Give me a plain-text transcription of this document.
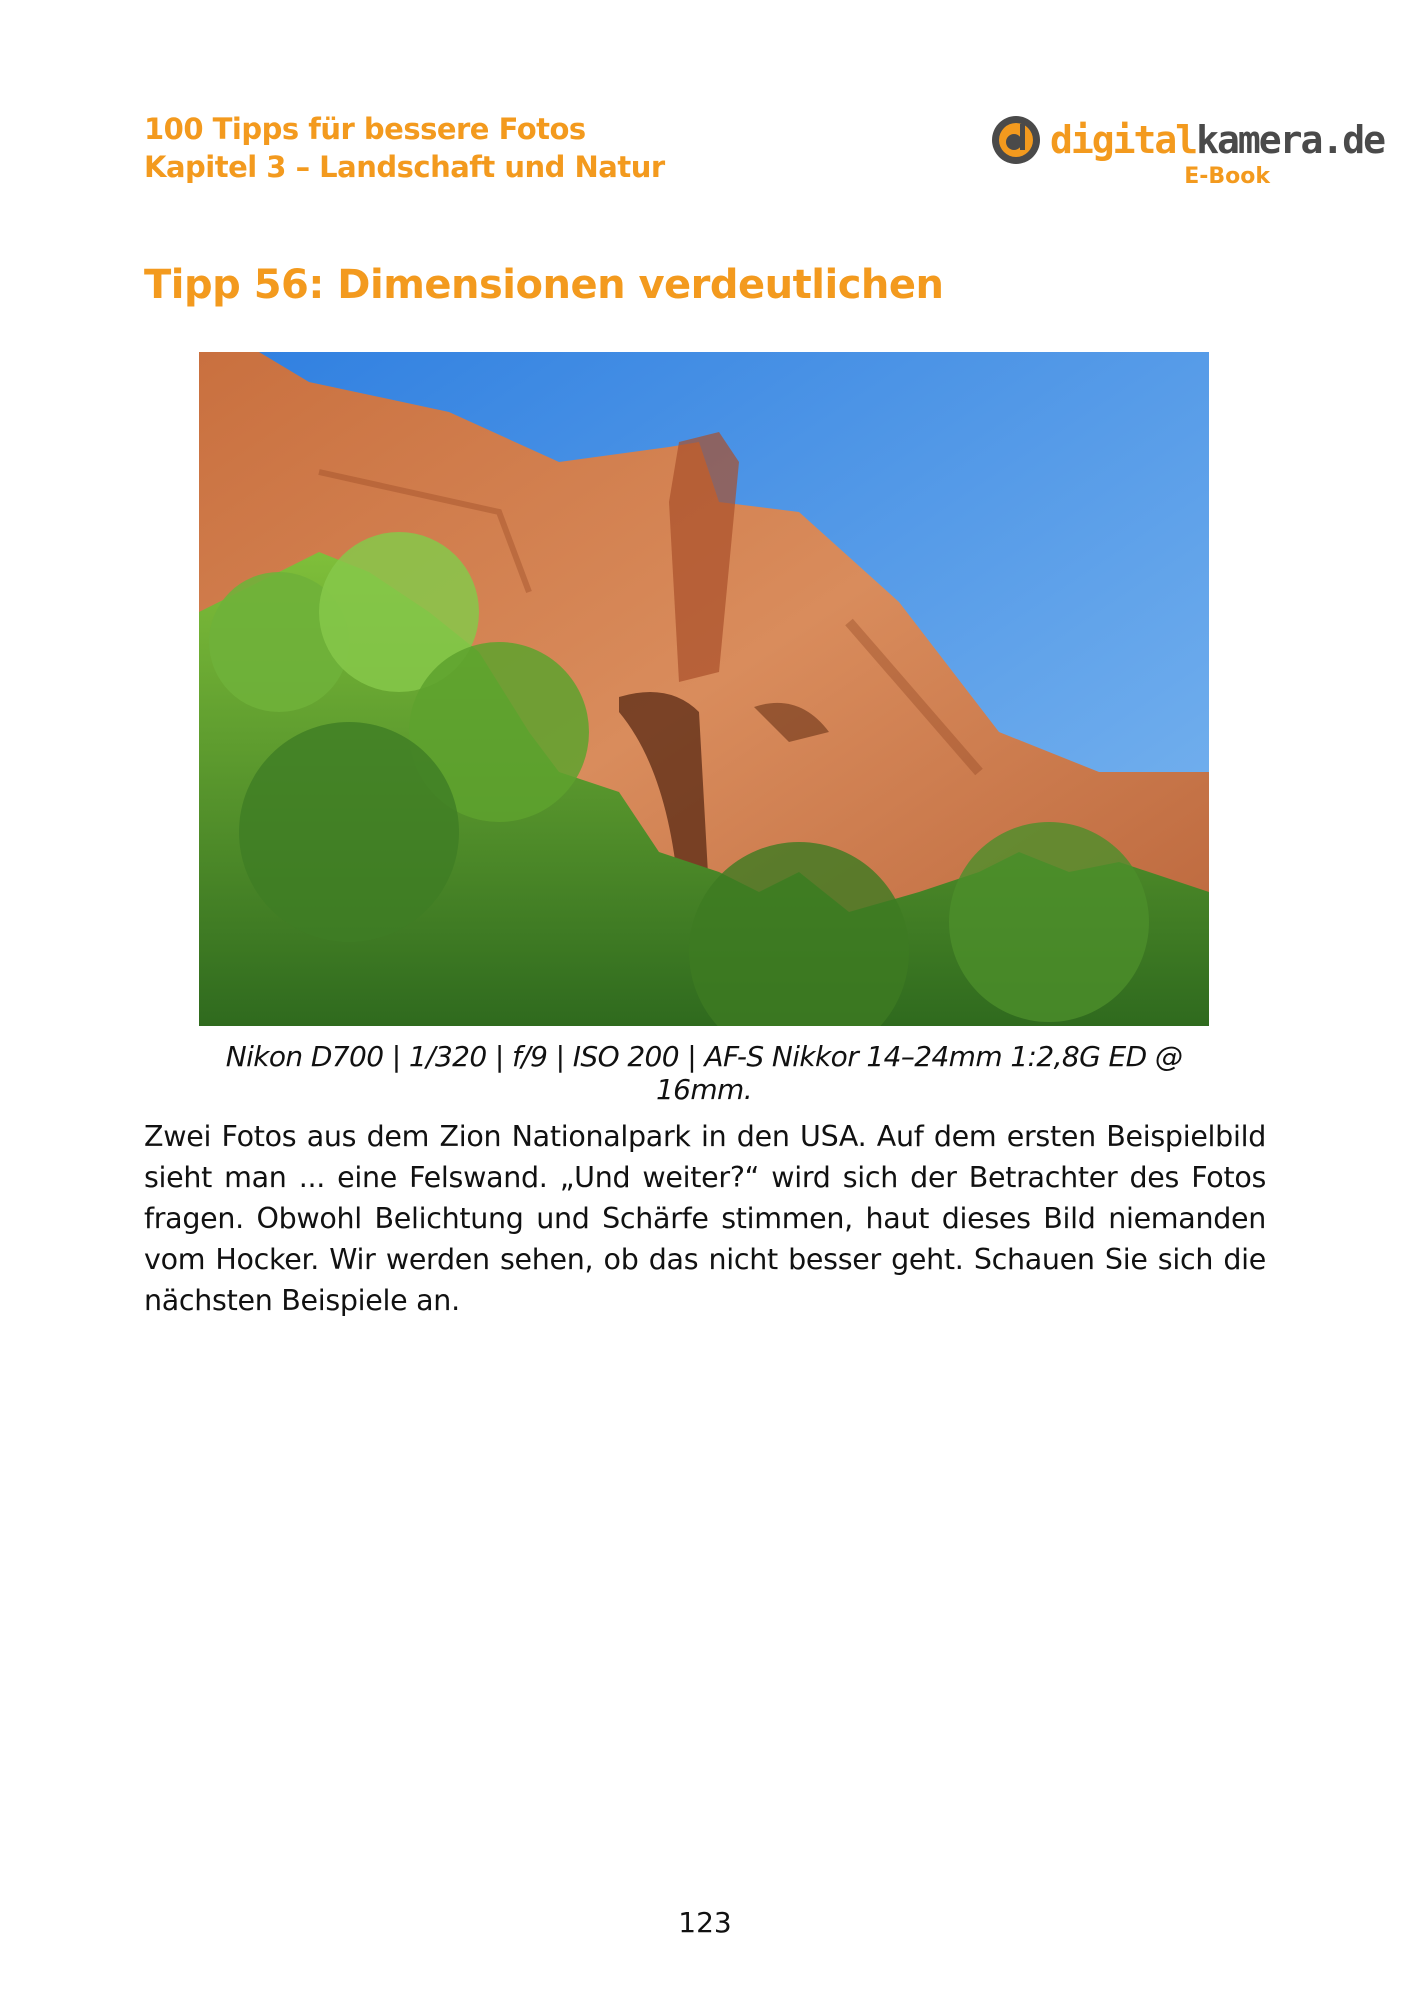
100 Tipps für bessere Fotos
Kapitel 3 – Landschaft und Natur
digitalkamera.de
E-Book
Tipp 56: Dimensionen verdeutlichen
Nikon D700 | 1/320 | f/9 | ISO 200 | AF-S Nikkor 14–24mm 1:2,8G ED @ 16mm.
Zwei Fotos aus dem Zion Nationalpark in den USA. Auf dem ersten Beispielbild sieht man ... eine Felswand. „Und weiter?“ wird sich der Betrachter des Fotos fragen. Obwohl Belichtung und Schärfe stimmen, haut dieses Bild niemanden vom Hocker. Wir werden sehen, ob das nicht besser geht. Schauen Sie sich die nächsten Beispiele an.
123
